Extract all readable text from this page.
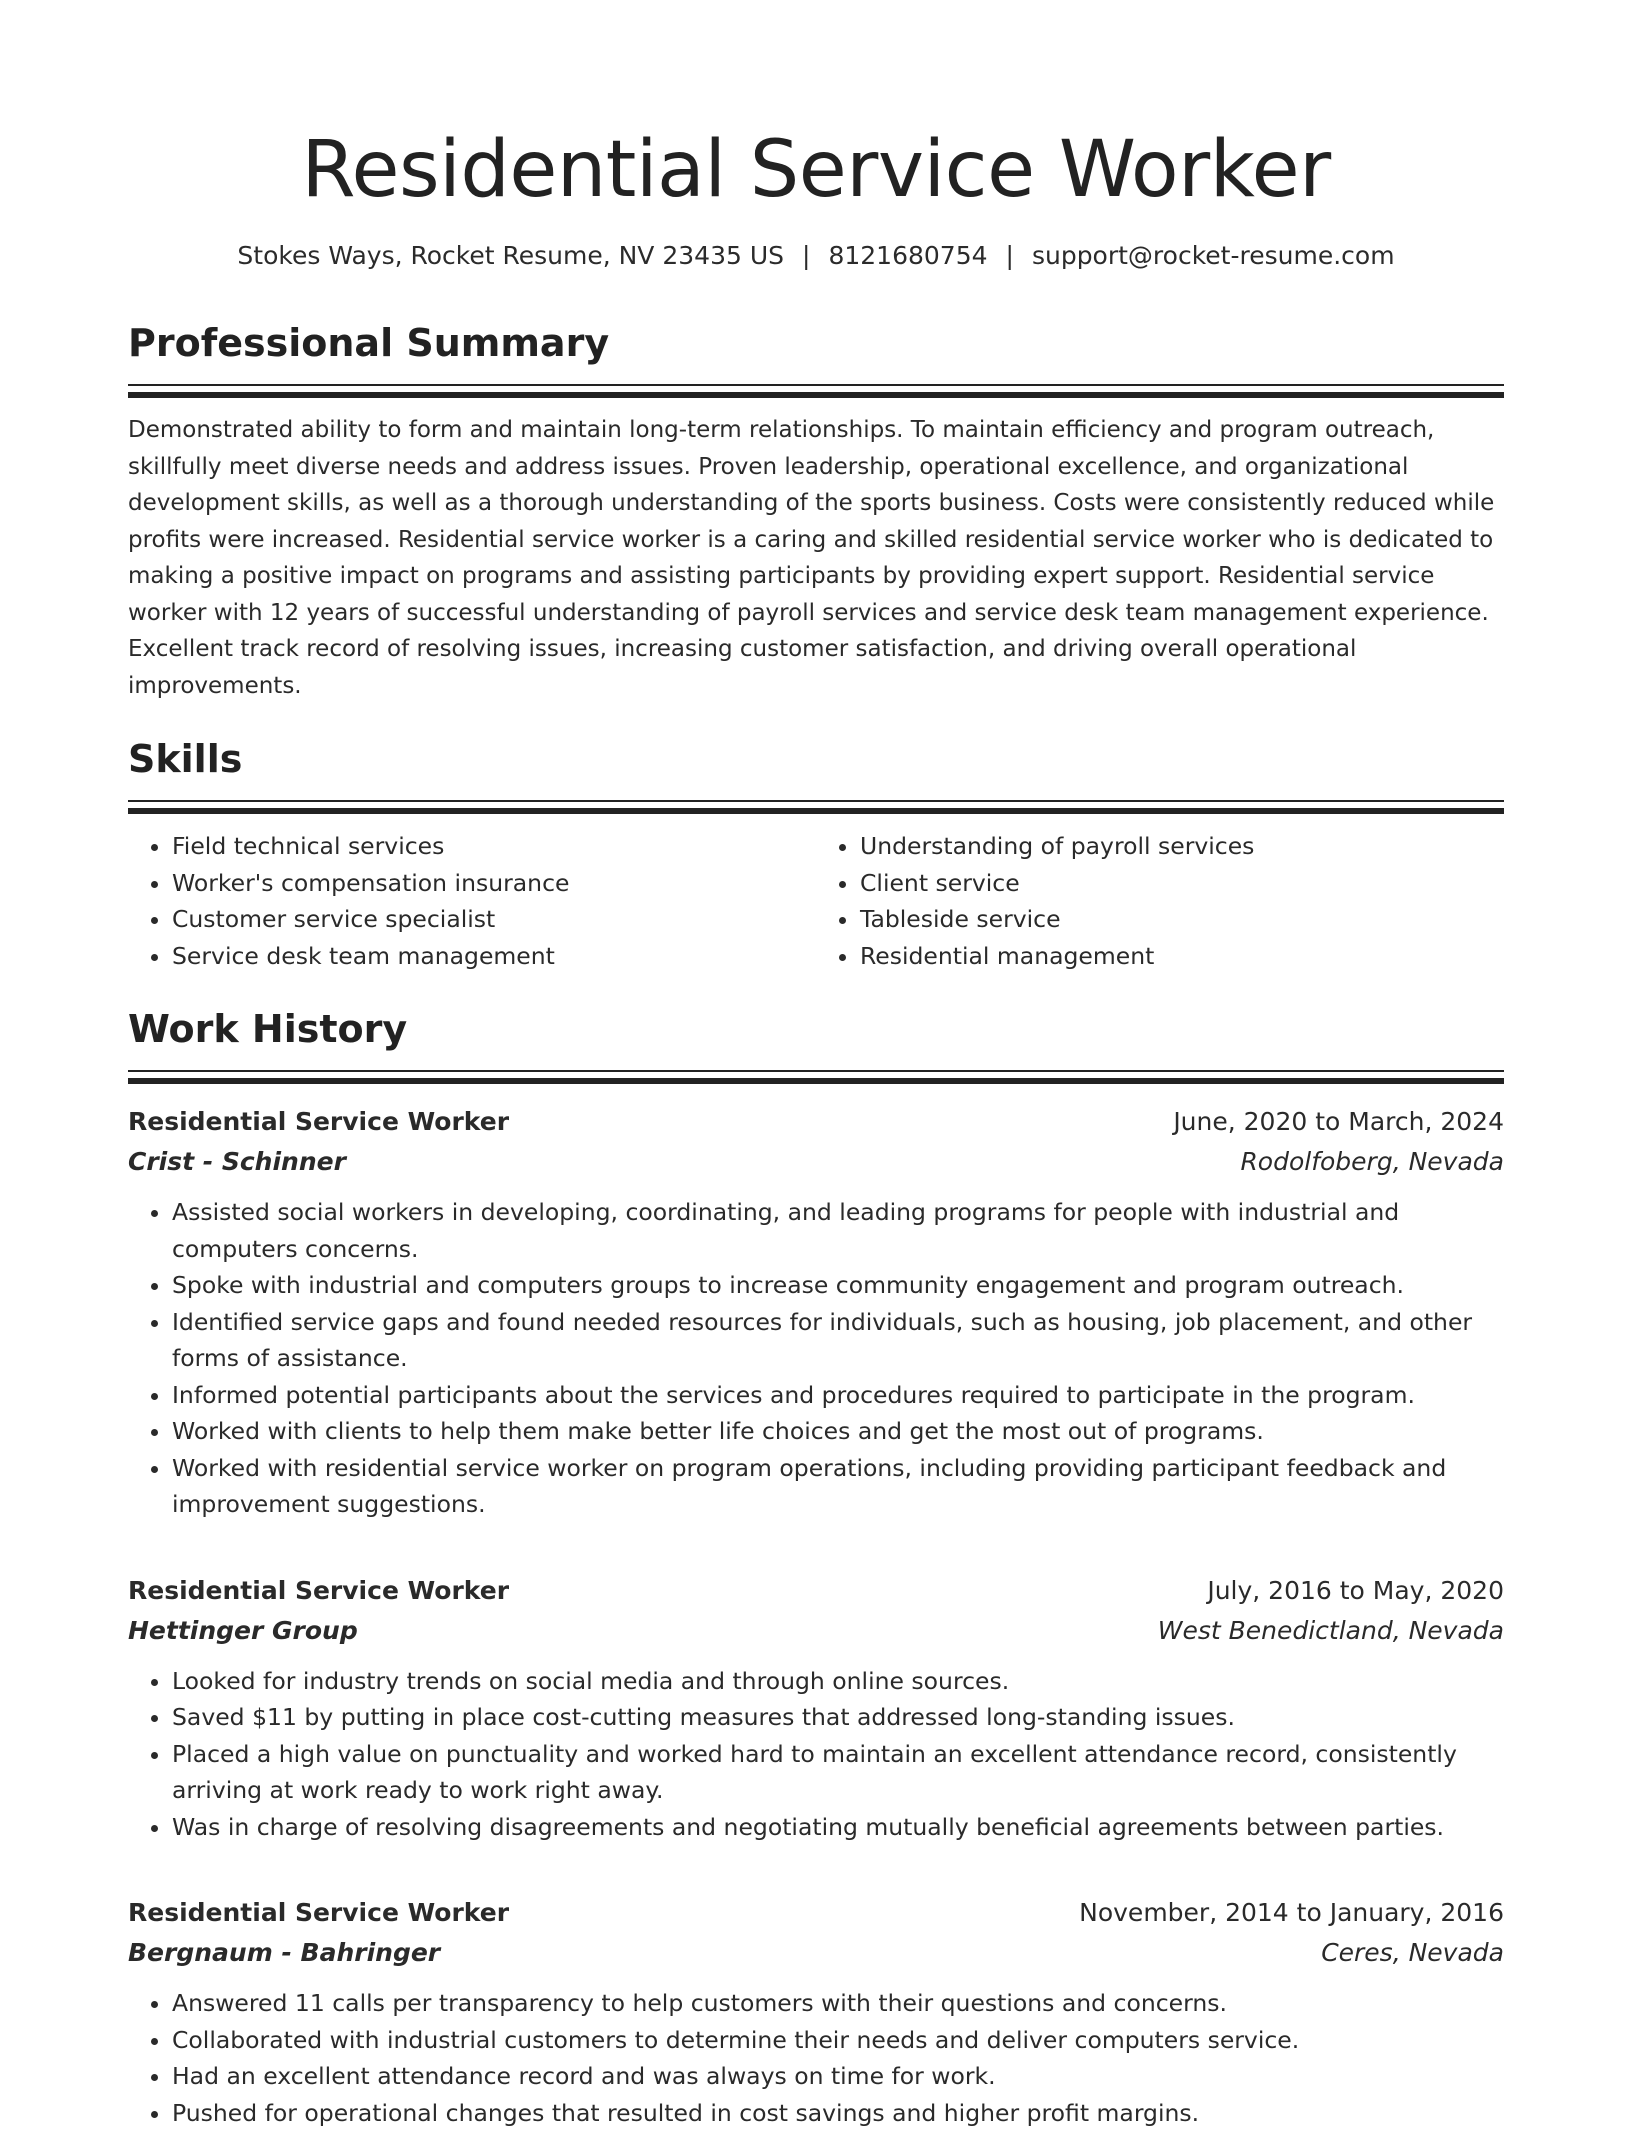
Residential Service Worker
Stokes Ways, Rocket Resume, NV 23435 US | 8121680754 | support@rocket-resume.com
Professional Summary

Demonstrated ability to form and maintain long-term relationships. To maintain efficiency and program outreach, skillfully meet diverse needs and address issues. Proven leadership, operational excellence, and organizational development skills, as well as a thorough understanding of the sports business. Costs were consistently reduced while profits were increased. Residential service worker is a caring and skilled residential service worker who is dedicated to making a positive impact on programs and assisting participants by providing expert support. Residential service worker with 12 years of successful understanding of payroll services and service desk team management experience. Excellent track record of resolving issues, increasing customer satisfaction, and driving overall operational improvements.

Skills
• Field technical services
• Worker's compensation insurance
• Customer service specialist
• Service desk team management
• Understanding of payroll services
• Client service
• Tableside service
• Residential management
Work History
Residential Service Worker	June, 2020 to March, 2024
Crist - Schinner	Rodolfoberg, Nevada
• Assisted social workers in developing, coordinating, and leading programs for people with industrial and computers concerns.
• Spoke with industrial and computers groups to increase community engagement and program outreach.
• Identified service gaps and found needed resources for individuals, such as housing, job placement, and other forms of assistance.
• Informed potential participants about the services and procedures required to participate in the program.
• Worked with clients to help them make better life choices and get the most out of programs.
• Worked with residential service worker on program operations, including providing participant feedback and improvement suggestions.
Residential Service Worker	July, 2016 to May, 2020
Hettinger Group	West Benedictland, Nevada
• Looked for industry trends on social media and through online sources.
• Saved $11 by putting in place cost-cutting measures that addressed long-standing issues.
• Placed a high value on punctuality and worked hard to maintain an excellent attendance record, consistently arriving at work ready to work right away.
• Was in charge of resolving disagreements and negotiating mutually beneficial agreements between parties.
Residential Service Worker	November, 2014 to January, 2016
Bergnaum - Bahringer	Ceres, Nevada
• Answered 11 calls per transparency to help customers with their questions and concerns.
• Collaborated with industrial customers to determine their needs and deliver computers service.
• Had an excellent attendance record and was always on time for work.
• Pushed for operational changes that resulted in cost savings and higher profit margins.
